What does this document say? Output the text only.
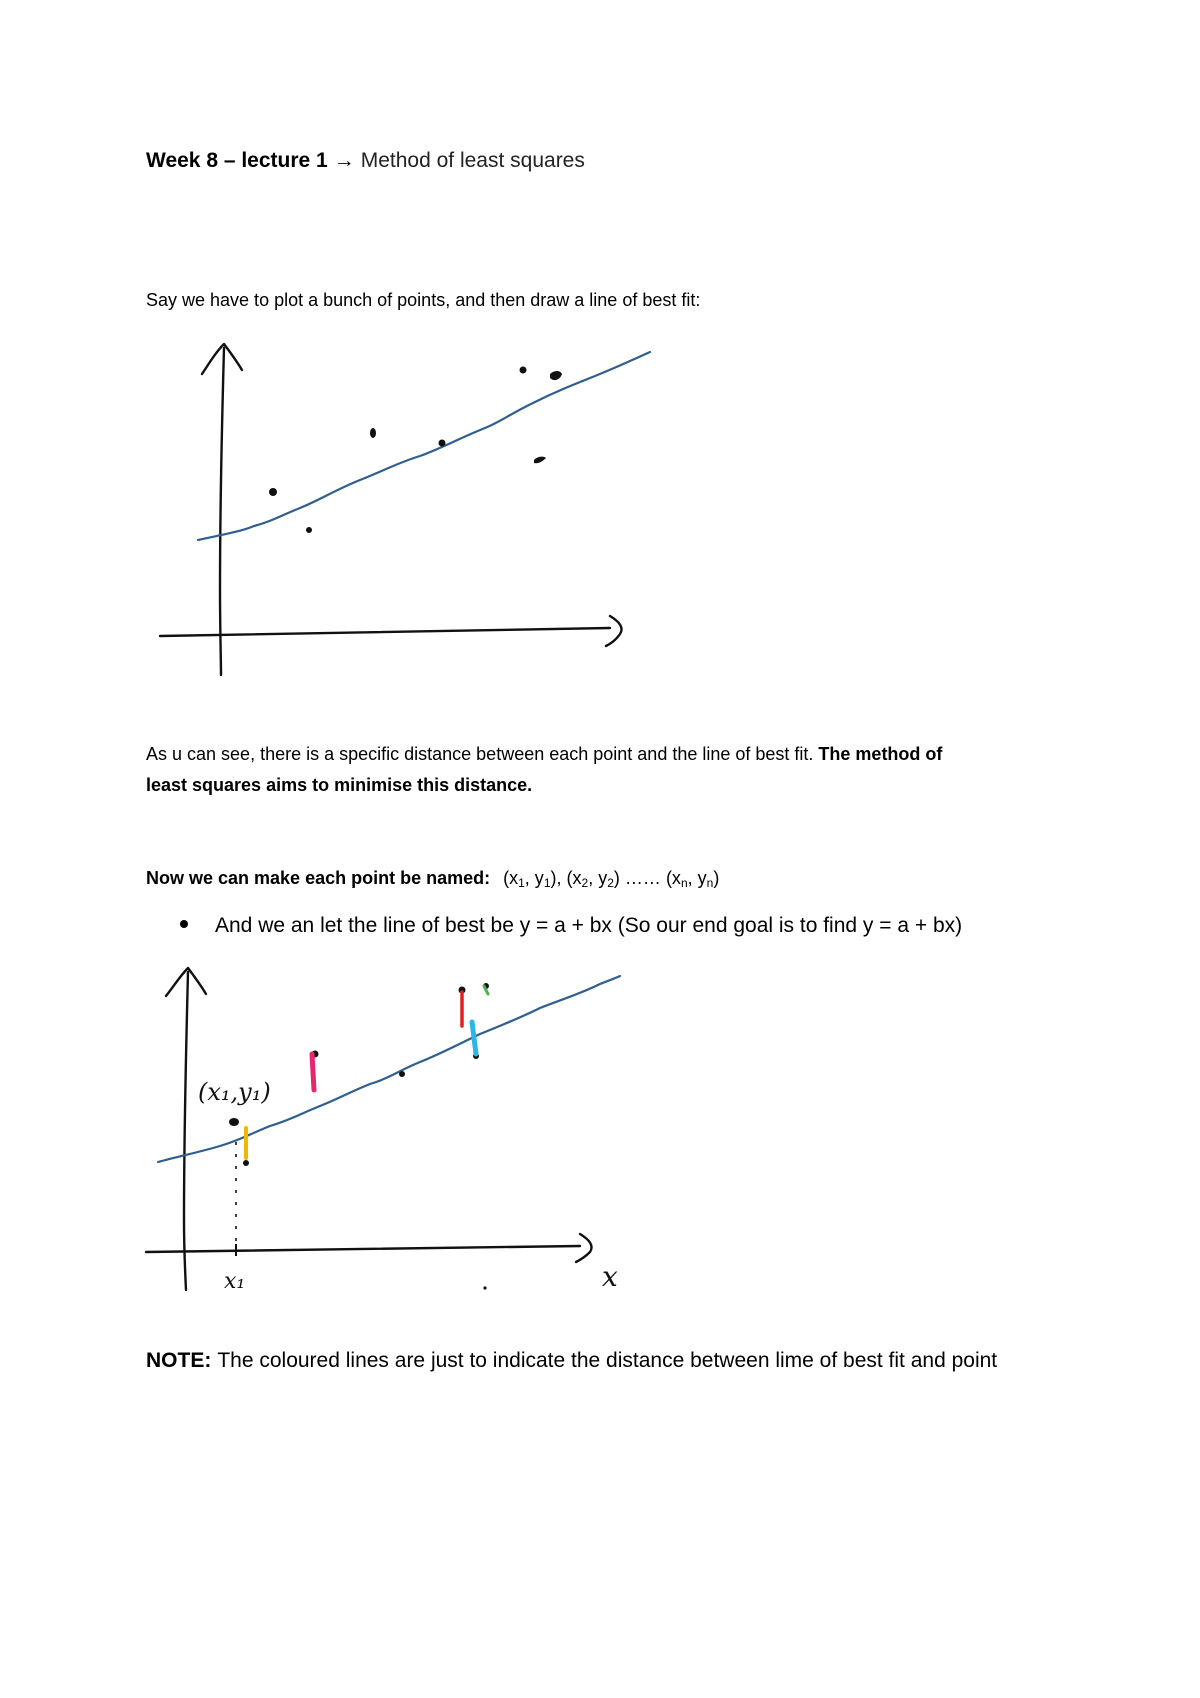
Week 8 – lecture 1 → Method of least squares
Say we have to plot a bunch of points, and then draw a line of best fit:
As u can see, there is a specific distance between each point and the line of best fit. The method of
least squares aims to minimise this distance.
Now we can make each point be named: ($x_1$, $y_1$), ($x_2$, $y_2$) …… ($x_n$, $y_n$)
And we an let the line of best be y = a + bx (So our end goal is to find y = a + bx)
(x₁,y₁)
x₁	x
NOTE: The coloured lines are just to indicate the distance between lime of best fit and point
